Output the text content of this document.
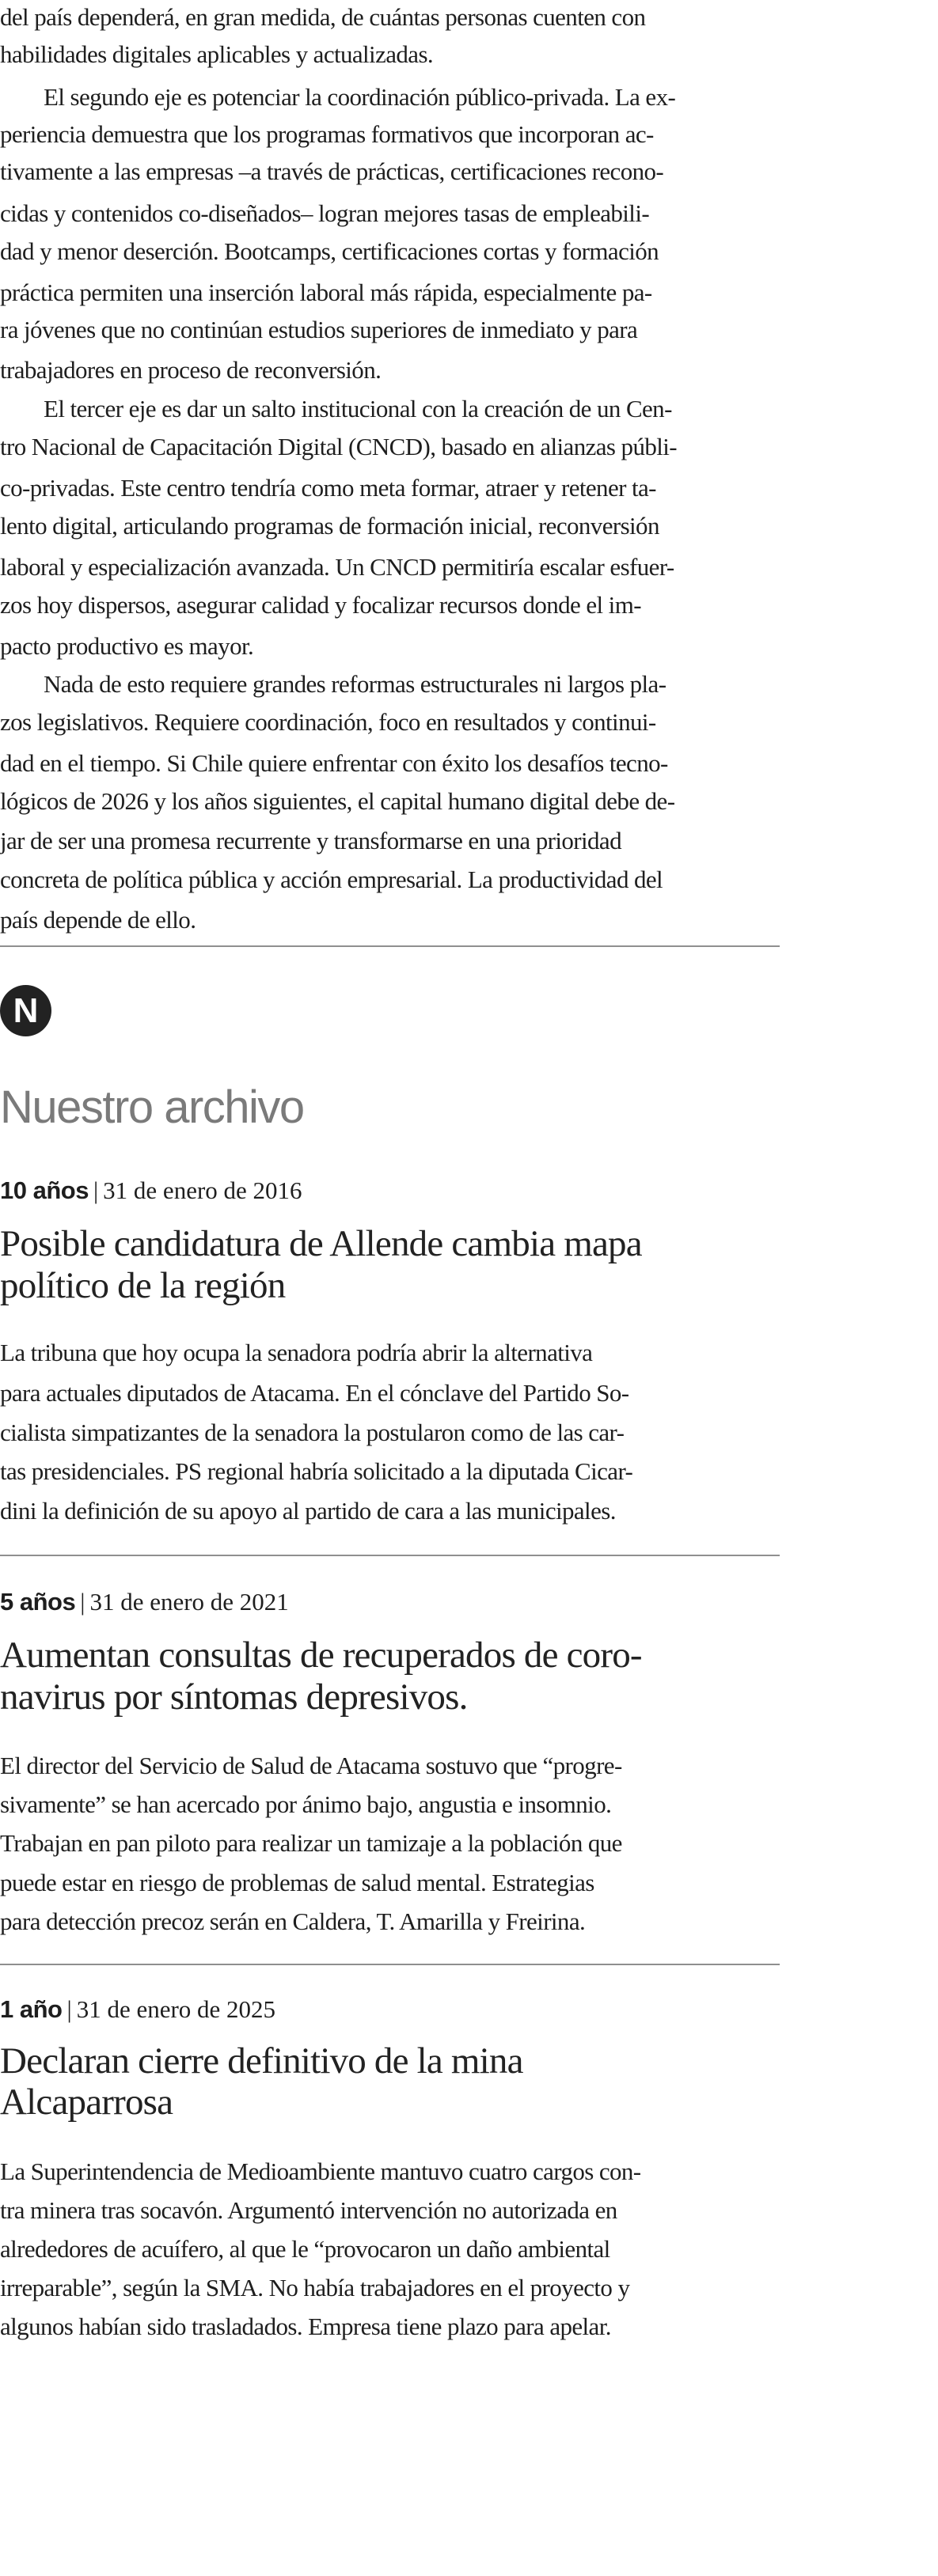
del país dependerá, en gran medida, de cuántas personas cuenten con
habilidades digitales aplicables y actualizadas.
El segundo eje es potenciar la coordinación público-privada. La ex-
periencia demuestra que los programas formativos que incorporan ac-
tivamente a las empresas –a través de prácticas, certificaciones recono-
cidas y contenidos co-diseñados– logran mejores tasas de empleabili-
dad y menor deserción. Bootcamps, certificaciones cortas y formación
práctica permiten una inserción laboral más rápida, especialmente pa-
ra jóvenes que no continúan estudios superiores de inmediato y para
trabajadores en proceso de reconversión.
El tercer eje es dar un salto institucional con la creación de un Cen-
tro Nacional de Capacitación Digital (CNCD), basado en alianzas públi-
co-privadas. Este centro tendría como meta formar, atraer y retener ta-
lento digital, articulando programas de formación inicial, reconversión
laboral y especialización avanzada. Un CNCD permitiría escalar esfuer-
zos hoy dispersos, asegurar calidad y focalizar recursos donde el im-
pacto productivo es mayor.
Nada de esto requiere grandes reformas estructurales ni largos pla-
zos legislativos. Requiere coordinación, foco en resultados y continui-
dad en el tiempo. Si Chile quiere enfrentar con éxito los desafíos tecno-
lógicos de 2026 y los años siguientes, el capital humano digital debe de-
jar de ser una promesa recurrente y transformarse en una prioridad
concreta de política pública y acción empresarial. La productividad del
país depende de ello.
N
Nuestro archivo
10 años | 31 de enero de 2016
Posible candidatura de Allende cambia mapa
político de la región
La tribuna que hoy ocupa la senadora podría abrir la alternativa
para actuales diputados de Atacama. En el cónclave del Partido So-
cialista simpatizantes de la senadora la postularon como de las car-
tas presidenciales. PS regional habría solicitado a la diputada Cicar-
dini la definición de su apoyo al partido de cara a las municipales.
5 años | 31 de enero de 2021
Aumentan consultas de recuperados de coro-
navirus por síntomas depresivos.
El director del Servicio de Salud de Atacama sostuvo que “progre-
sivamente” se han acercado por ánimo bajo, angustia e insomnio.
Trabajan en pan piloto para realizar un tamizaje a la población que
puede estar en riesgo de problemas de salud mental. Estrategias
para detección precoz serán en Caldera, T. Amarilla y Freirina.
1 año | 31 de enero de 2025
Declaran cierre definitivo de la mina
Alcaparrosa
La Superintendencia de Medioambiente mantuvo cuatro cargos con-
tra minera tras socavón. Argumentó intervención no autorizada en
alrededores de acuífero, al que le “provocaron un daño ambiental
irreparable”, según la SMA. No había trabajadores en el proyecto y
algunos habían sido trasladados. Empresa tiene plazo para apelar.
